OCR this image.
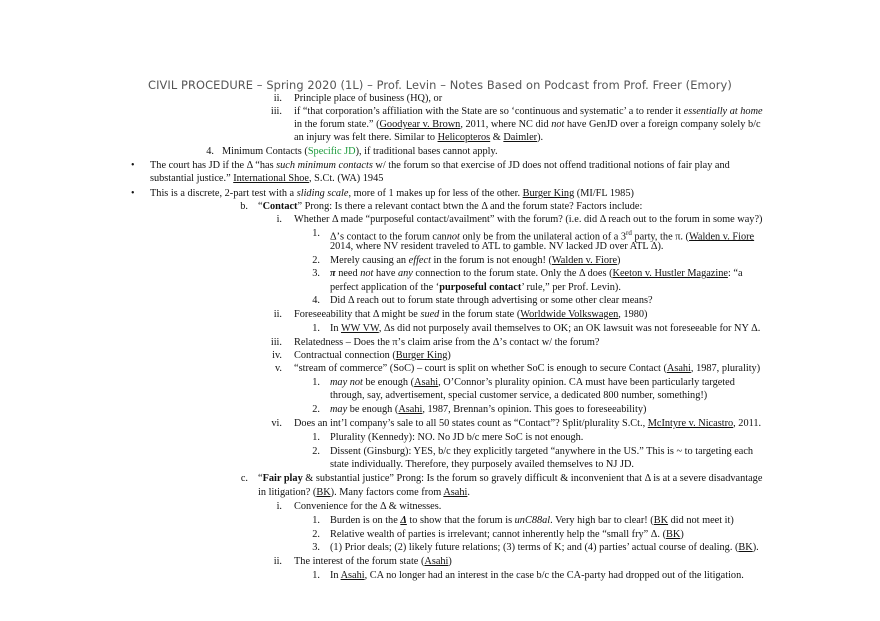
CIVIL PROCEDURE – Spring 2020 (1L) – Prof. Levin – Notes Based on Podcast from Prof. Freer (Emory)
ii. Principle place of business (HQ), or
iii. if “that corporation’s affiliation with the State are so ‘continuous and systematic’ a to render it essentially at home
in the forum state.” (Goodyear v. Brown, 2011, where NC did not have GenJD over a foreign company solely b/c
an injury was felt there. Similar to Helicopteros & Daimler).
4. Minimum Contacts (Specific JD), if traditional bases cannot apply.
• The court has JD if the Δ “has such minimum contacts w/ the forum so that exercise of JD does not offend traditional notions of fair play and
substantial justice.” International Shoe, S.Ct. (WA) 1945
• This is a discrete, 2-part test with a sliding scale, more of 1 makes up for less of the other. Burger King (MI/FL 1985)
b. “Contact” Prong: Is there a relevant contact btwn the Δ and the forum state? Factors include:
i. Whether Δ made “purposeful contact/availment” with the forum? (i.e. did Δ reach out to the forum in some way?)
1. Δ’s contact to the forum cannot only be from the unilateral action of a 3rd party, the π. (Walden v. Fiore
2014, where NV resident traveled to ATL to gamble. NV lacked JD over ATL Δ).
2. Merely causing an effect in the forum is not enough! (Walden v. Fiore)
3. π need not have any connection to the forum state. Only the Δ does (Keeton v. Hustler Magazine: “a
perfect application of the ‘purposeful contact’ rule,” per Prof. Levin).
4. Did Δ reach out to forum state through advertising or some other clear means?
ii. Foreseeability that Δ might be sued in the forum state (Worldwide Volkswagen, 1980)
1. In WW VW, Δs did not purposely avail themselves to OK; an OK lawsuit was not foreseeable for NY Δ.
iii. Relatedness – Does the π’s claim arise from the Δ’s contact w/ the forum?
iv. Contractual connection (Burger King)
v. “stream of commerce” (SoC) – court is split on whether SoC is enough to secure Contact (Asahi, 1987, plurality)
1. may not be enough (Asahi, O’Connor’s plurality opinion. CA must have been particularly targeted
through, say, advertisement, special customer service, a dedicated 800 number, something!)
2. may be enough (Asahi, 1987, Brennan’s opinion. This goes to foreseeability)
vi. Does an int’l company’s sale to all 50 states count as “Contact”? Split/plurality S.Ct., McIntyre v. Nicastro, 2011.
1. Plurality (Kennedy): NO. No JD b/c mere SoC is not enough.
2. Dissent (Ginsburg): YES, b/c they explicitly targeted “anywhere in the US.” This is ~ to targeting each
state individually. Therefore, they purposely availed themselves to NJ JD.
c. “Fair play & substantial justice” Prong: Is the forum so gravely difficult & inconvenient that Δ is at a severe disadvantage
in litigation? (BK). Many factors come from Asahi.
i. Convenience for the Δ & witnesses.
1. Burden is on the Δ to show that the forum is unC88al. Very high bar to clear! (BK did not meet it)
2. Relative wealth of parties is irrelevant; cannot inherently help the “small fry” Δ. (BK)
3. (1) Prior deals; (2) likely future relations; (3) terms of K; and (4) parties’ actual course of dealing. (BK).
ii. The interest of the forum state (Asahi)
1. In Asahi, CA no longer had an interest in the case b/c the CA-party had dropped out of the litigation.
